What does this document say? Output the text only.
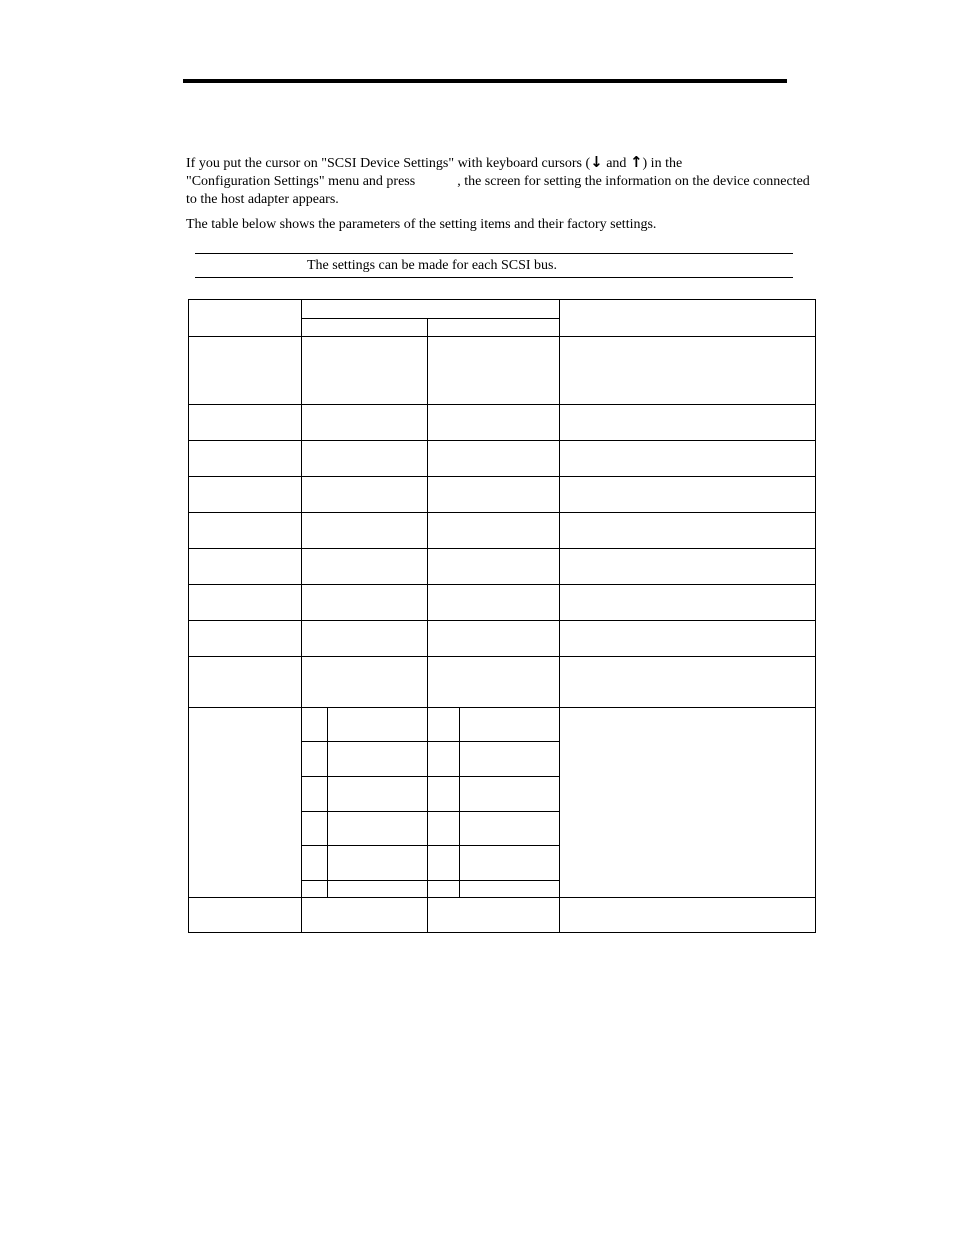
If you put the cursor on "SCSI Device Settings" with keyboard cursors (↓ and ↑) in the
"Configuration Settings" menu and press	, the screen for setting the information on the device connected to the host adapter appears.

The table below shows the parameters of the setting items and their factory settings.

The settings can be made for each SCSI bus.
